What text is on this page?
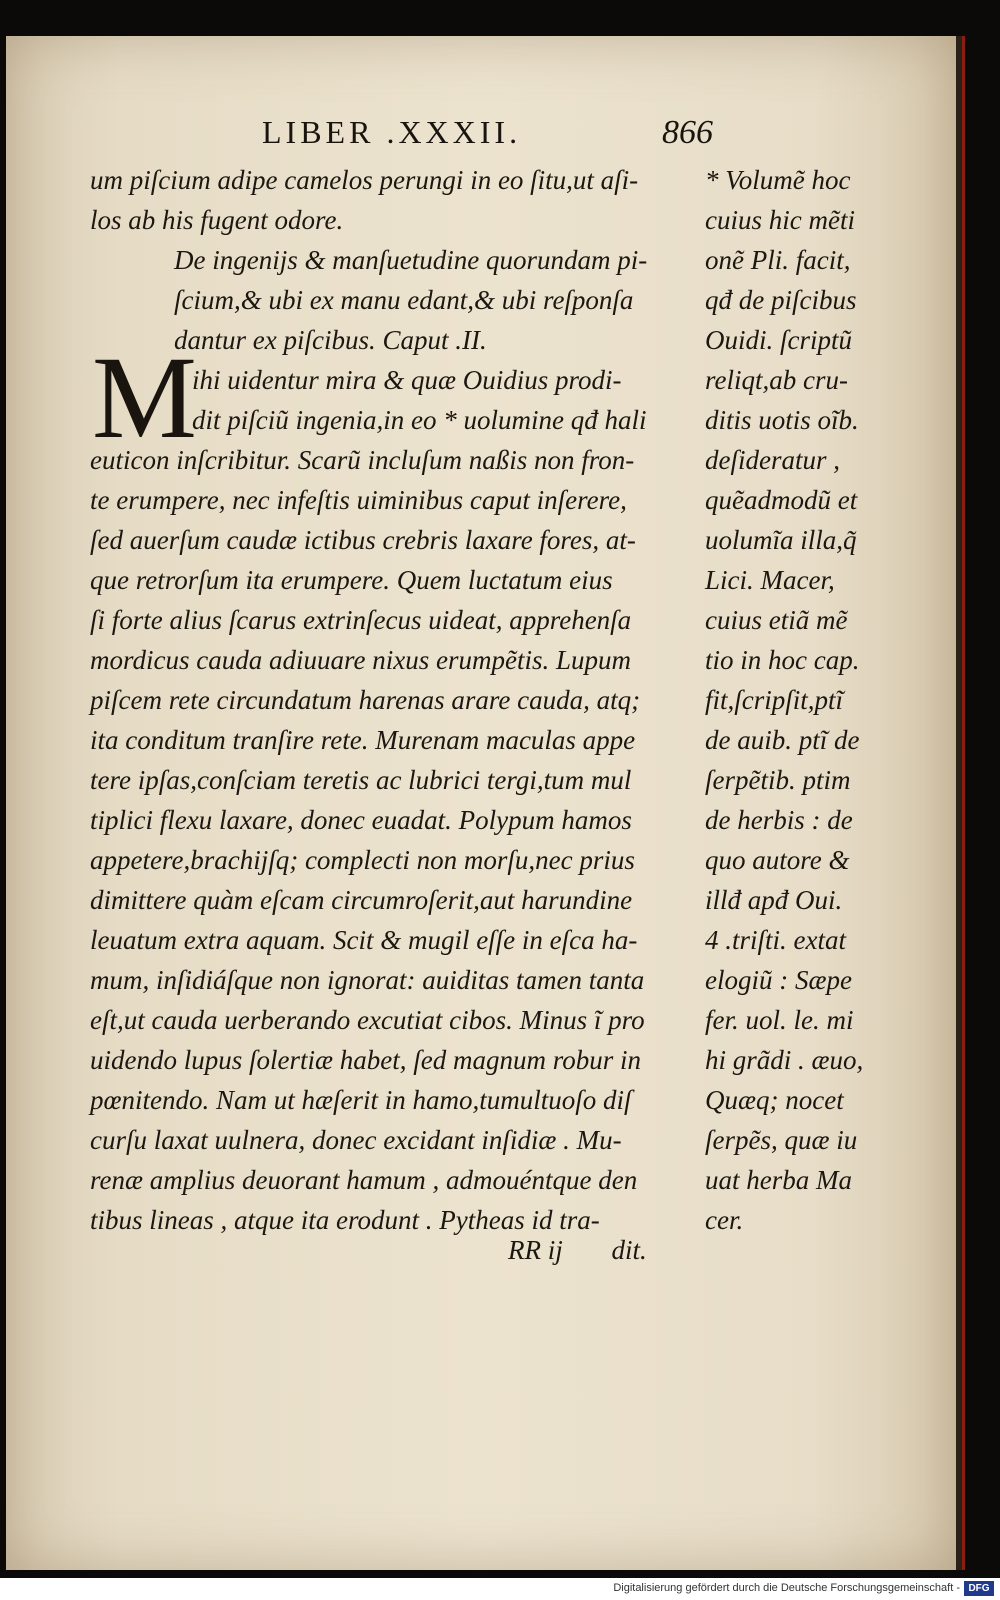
LIBER .XXXII.	866
um piſcium adipe camelos perungi in eo ſitu,ut aſi-
los ab his fugent odore.
De ingenijs & manſuetudine quorundam pi-
ſcium,& ubi ex manu edant,& ubi reſponſa
dantur ex piſcibus. Caput .II.
ihi uidentur mira & quæ Ouidius prodi-
dit piſciũ ingenia,in eo * uolumine qđ hali
euticon inſcribitur. Scarũ incluſum naßis non fron-
te erumpere, nec infeſtis uiminibus caput inſerere,
ſed auerſum caudæ ictibus crebris laxare fores, at-
que retrorſum ita erumpere. Quem luctatum eius
ſi forte alius ſcarus extrinſecus uideat, apprehenſa
mordicus cauda adiuuare nixus erumpẽtis. Lupum
piſcem rete circundatum harenas arare cauda, atq;
ita conditum tranſire rete. Murenam maculas appe
tere ipſas,conſciam teretis ac lubrici tergi,tum mul
tiplici flexu laxare, donec euadat. Polypum hamos
appetere,brachijſq; complecti non morſu,nec prius
dimittere quàm eſcam circumroſerit,aut harundine
leuatum extra aquam. Scit & mugil eſſe in eſca ha-
mum, inſidiáſque non ignorat: auiditas tamen tanta
eſt,ut cauda uerberando excutiat cibos. Minus ĩ pro
uidendo lupus ſolertiæ habet, ſed magnum robur in
pœnitendo. Nam ut hæſerit in hamo,tumultuoſo diſ
curſu laxat uulnera, donec excidant inſidiæ . Mu-
renæ amplius deuorant hamum , admouéntque den
tibus lineas , atque ita erodunt . Pytheas id tra-
M
* Volumẽ hoc
cuius hic mẽti
onẽ Pli. facit,
qđ de piſcibus
Ouidi. ſcriptũ
reliqt,ab cru-
ditis uotis oĩb.
deſideratur ,
quẽadmodũ et
uolumĩa illa,q̃
Lici. Macer,
cuius etiã mẽ
tio in hoc cap.
fit,ſcripſit,ptĩ
de auib. ptĩ de
ſerpẽtib. ptim
de herbis : de
quo autore &
illđ apđ Oui.
4 .triſti. extat
elogiũ : Sæpe
fer. uol. le. mi
hi grãdi . æuo,
Quæq; nocet
ſerpẽs, quæ iu
uat herba Ma
cer.
RR ij dit.
Digitalisierung gefördert durch die Deutsche Forschungsgemeinschaft - DFG
